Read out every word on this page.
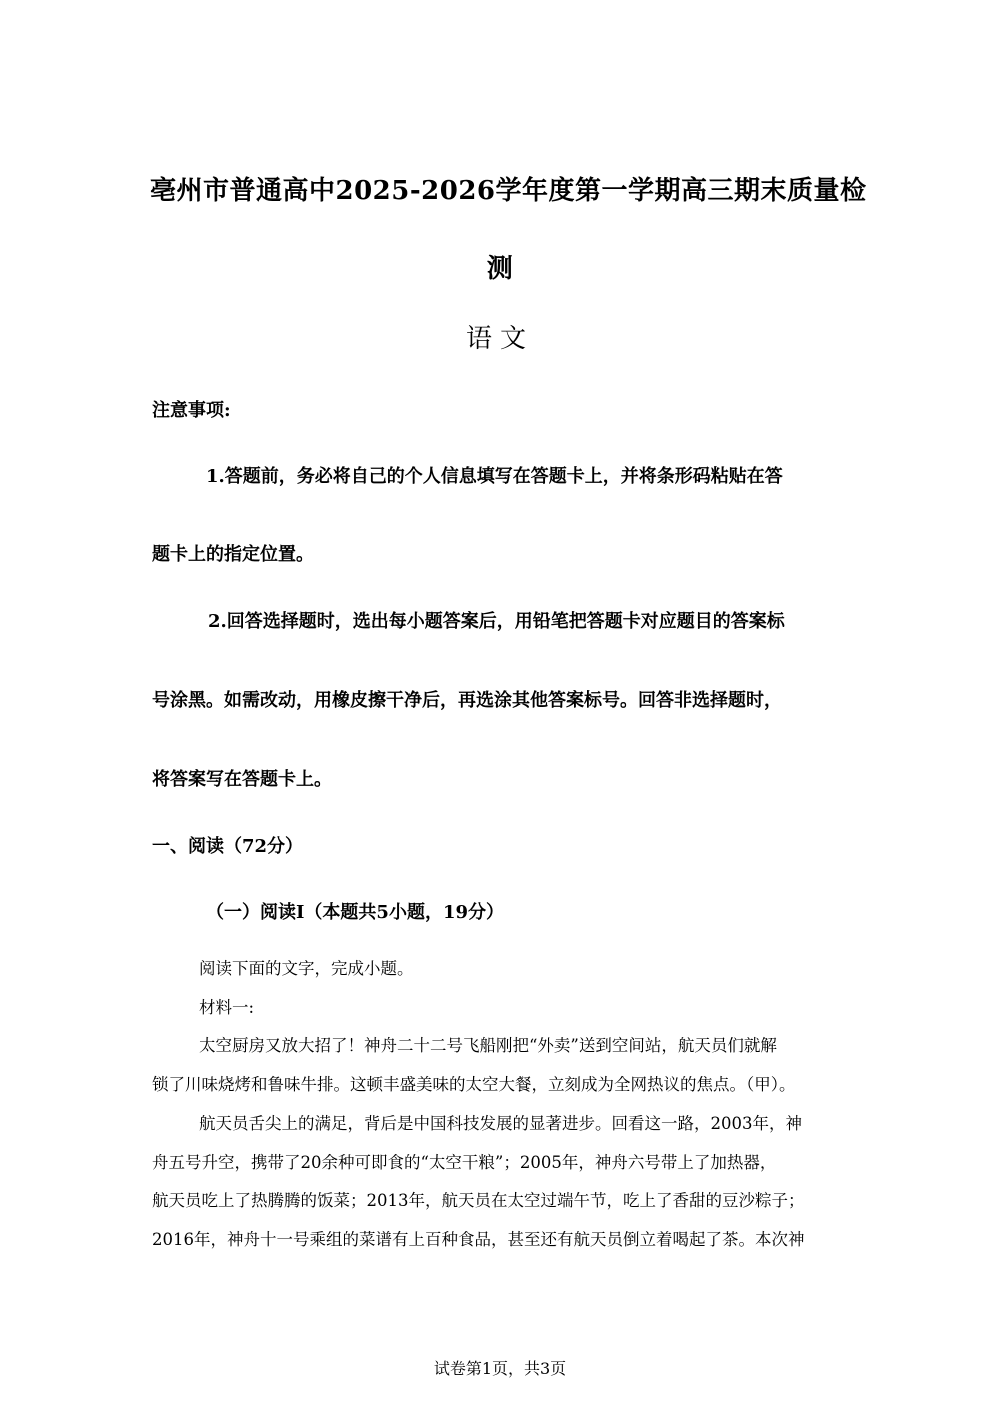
亳州市普通高中2025-2026学年度第一学期高三期末质量检
测
语文
注意事项:
1.答题前，务必将自己的个人信息填写在答题卡上，并将条形码粘贴在答
题卡上的指定位置。
2.回答选择题时，选出每小题答案后，用铅笔把答题卡对应题目的答案标
号涂黑。如需改动，用橡皮擦干净后，再选涂其他答案标号。回答非选择题时，
将答案写在答题卡上。
一、阅读（72分）
（一）阅读I（本题共5小题，19分）
阅读下面的文字，完成小题。
材料一:
太空厨房又放大招了！神舟二十二号飞船刚把“外卖”送到空间站，航天员们就解
锁了川味烧烤和鲁味牛排。这顿丰盛美味的太空大餐，立刻成为全网热议的焦点。（甲）。
航天员舌尖上的满足，背后是中国科技发展的显著进步。回看这一路，2003年，神
舟五号升空，携带了20余种可即食的“太空干粮”；2005年，神舟六号带上了加热器，
航天员吃上了热腾腾的饭菜；2013年，航天员在太空过端午节，吃上了香甜的豆沙粽子；
2016年，神舟十一号乘组的菜谱有上百种食品，甚至还有航天员倒立着喝起了茶。本次神
试卷第1页，共3页
